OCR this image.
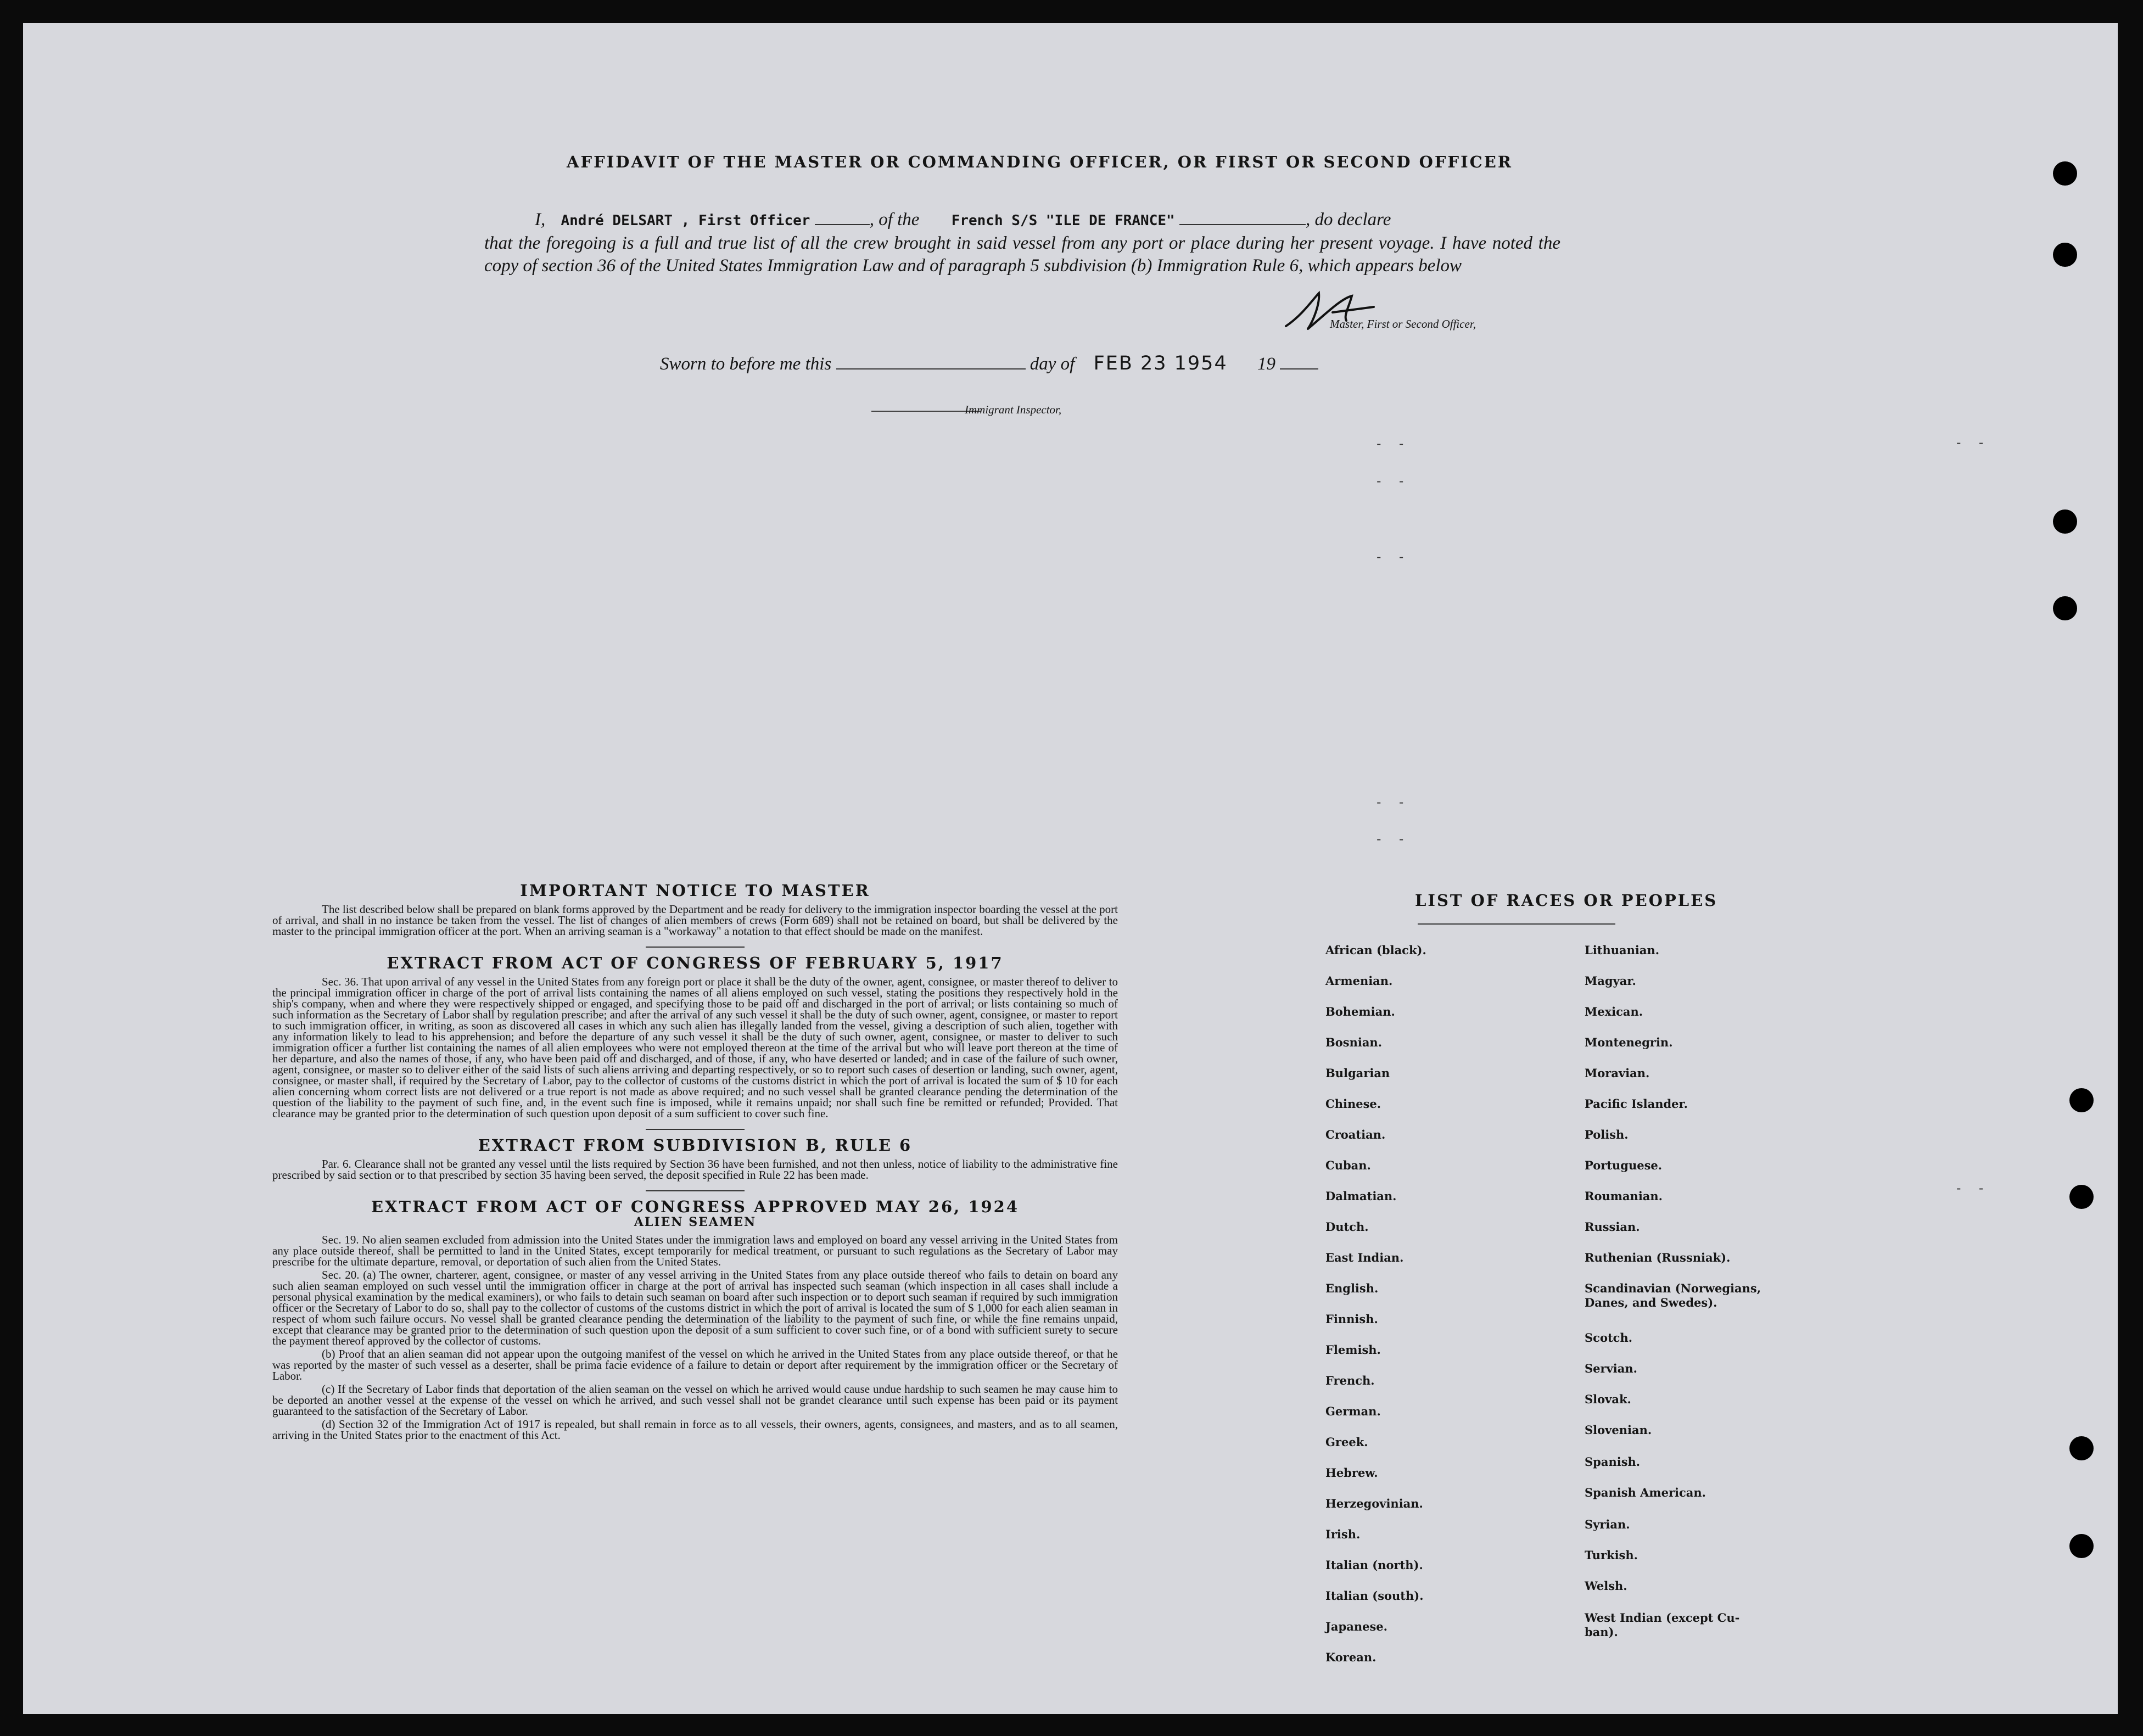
AFFIDAVIT OF THE MASTER OR COMMANDING OFFICER, OR FIRST OR SECOND OFFICER
I, André DELSART , First Officer	, of the French S/S "ILE DE FRANCE"	, do declare
that the foregoing is a full and true list of all the crew brought in said vessel from any port or place during her present voyage. I have noted the copy of section 36 of the United States Immigration Law and of paragraph 5 subdivision (b) Immigration Rule 6, which appears below
Master, First or Second Officer,
Sworn to before me this	day of FEB 23 1954 19
Immigrant Inspector,
- -
- -
- -
- -
- -
- -
- -
IMPORTANT NOTICE TO MASTER

The list described below shall be prepared on blank forms approved by the Department and be ready for delivery to the immigration inspector boarding the vessel at the port of arrival, and shall in no instance be taken from the vessel. The list of changes of alien members of crews (Form 689) shall not be retained on board, but shall be delivered by the master to the principal immigration officer at the port. When an arriving seaman is a "workaway" a notation to that effect should be made on the manifest.

EXTRACT FROM ACT OF CONGRESS OF FEBRUARY 5, 1917

Sec. 36. That upon arrival of any vessel in the United States from any foreign port or place it shall be the duty of the owner, agent, consignee, or master thereof to deliver to the principal immigration officer in charge of the port of arrival lists containing the names of all aliens employed on such vessel, stating the positions they respectively hold in the ship's company, when and where they were respectively shipped or engaged, and specifying those to be paid off and discharged in the port of arrival; or lists containing so much of such information as the Secretary of Labor shall by regulation prescribe; and after the arrival of any such vessel it shall be the duty of such owner, agent, consignee, or master to report to such immigration officer, in writing, as soon as discovered all cases in which any such alien has illegally landed from the vessel, giving a description of such alien, together with any information likely to lead to his apprehension; and before the departure of any such vessel it shall be the duty of such owner, agent, consignee, or master to deliver to such immigration officer a further list containing the names of all alien employees who were not employed thereon at the time of the arrival but who will leave port thereon at the time of her departure, and also the names of those, if any, who have been paid off and discharged, and of those, if any, who have deserted or landed; and in case of the failure of such owner, agent, consignee, or master so to deliver either of the said lists of such aliens arriving and departing respectively, or so to report such cases of desertion or landing, such owner, agent, consignee, or master shall, if required by the Secretary of Labor, pay to the collector of customs of the customs district in which the port of arrival is located the sum of $ 10 for each alien concerning whom correct lists are not delivered or a true report is not made as above required; and no such vessel shall be granted clearance pending the determination of the question of the liability to the payment of such fine, and, in the event such fine is imposed, while it remains unpaid; nor shall such fine be remitted or refunded; Provided. That clearance may be granted prior to the determination of such question upon deposit of a sum sufficient to cover such fine.

EXTRACT FROM SUBDIVISION B, RULE 6

Par. 6. Clearance shall not be granted any vessel until the lists required by Section 36 have been furnished, and not then unless, notice of liability to the administrative fine prescribed by said section or to that prescribed by section 35 having been served, the deposit specified in Rule 22 has been made.

EXTRACT FROM ACT OF CONGRESS APPROVED MAY 26, 1924
ALIEN SEAMEN

Sec. 19. No alien seamen excluded from admission into the United States under the immigration laws and employed on board any vessel arriving in the United States from any place outside thereof, shall be permitted to land in the United States, except temporarily for medical treatment, or pursuant to such regulations as the Secretary of Labor may prescribe for the ultimate departure, removal, or deportation of such alien from the United States.

Sec. 20. (a) The owner, charterer, agent, consignee, or master of any vessel arriving in the United States from any place outside thereof who fails to detain on board any such alien seaman employed on such vessel until the immigration officer in charge at the port of arrival has inspected such seaman (which inspection in all cases shall include a personal physical examination by the medical examiners), or who fails to detain such seaman on board after such inspection or to deport such seaman if required by such immigration officer or the Secretary of Labor to do so, shall pay to the collector of customs of the customs district in which the port of arrival is located the sum of $ 1,000 for each alien seaman in respect of whom such failure occurs. No vessel shall be granted clearance pending the determination of the liability to the payment of such fine, or while the fine remains unpaid, except that clearance may be granted prior to the determination of such question upon the deposit of a sum sufficient to cover such fine, or of a bond with sufficient surety to secure the payment thereof approved by the collector of customs.

(b) Proof that an alien seaman did not appear upon the outgoing manifest of the vessel on which he arrived in the United States from any place outside thereof, or that he was reported by the master of such vessel as a deserter, shall be prima facie evidence of a failure to detain or deport after requirement by the immigration officer or the Secretary of Labor.

(c) If the Secretary of Labor finds that deportation of the alien seaman on the vessel on which he arrived would cause undue hardship to such seamen he may cause him to be deported an another vessel at the expense of the vessel on which he arrived, and such vessel shall not be grandet clearance until such expense has been paid or its payment guaranteed to the satisfaction of the Secretary of Labor.

(d) Section 32 of the Immigration Act of 1917 is repealed, but shall remain in force as to all vessels, their owners, agents, consignees, and masters, and as to all seamen, arriving in the United States prior to the enactment of this Act.

LIST OF RACES OR PEOPLES
African (black).
Armenian.
Bohemian.
Bosnian.
Bulgarian
Chinese.
Croatian.
Cuban.
Dalmatian.
Dutch.
East Indian.
English.
Finnish.
Flemish.
French.
German.
Greek.
Hebrew.
Herzegovinian.
Irish.
Italian (north).
Italian (south).
Japanese.
Korean.
Lithuanian.
Magyar.
Mexican.
Montenegrin.
Moravian.
Pacific Islander.
Polish.
Portuguese.
Roumanian.
Russian.
Ruthenian (Russniak).
Scandinavian (Norwegians,
Danes, and Swedes).
Scotch.
Servian.
Slovak.
Slovenian.
Spanish.
Spanish American.
Syrian.
Turkish.
Welsh.
West Indian (except Cu-
ban).
